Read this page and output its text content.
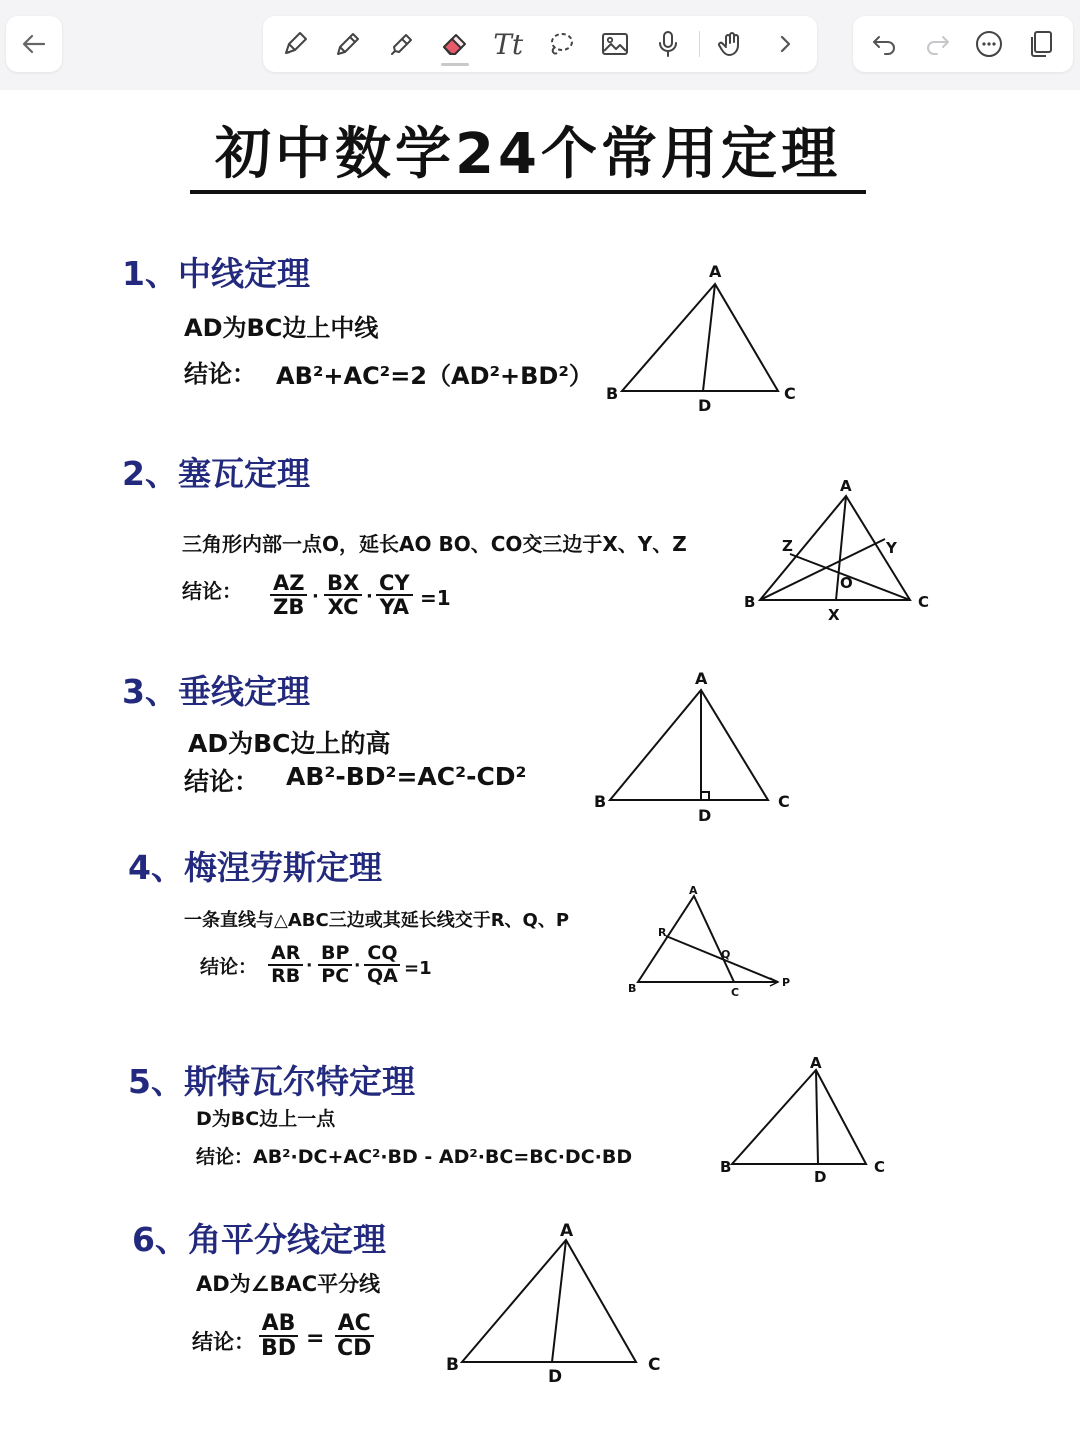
Tt
初中数学24个常用定理
1、中线定理
AD为BC边上中线
结论： AB²+AC²=2（AD²+BD²）
A
B	C
D
2、塞瓦定理
三角形内部一点O，延长AO BO、CO交三边于X、Y、Z
结论： $\frac{AZ}{ZB} \cdot \frac{BX}{XC} \cdot \frac{CY}{YA} =1$
A
B	C
X
Y
Z
O
3、垂线定理
AD为BC边上的高
结论： AB²-BD²=AC²-CD²
A
B	C
D
4、梅涅劳斯定理
一条直线与△ABC三边或其延长线交于R、Q、P
结论： $\frac{AR}{RB} \cdot \frac{BP}{PC} \cdot \frac{CQ}{QA} =1$
A
B	C
R
Q
P
5、斯特瓦尔特定理
D为BC边上一点
结论：AB²·DC+AC²·BD - AD²·BC=BC·DC·BD
A
B	C
D
6、角平分线定理
AD为∠BAC平分线
结论： $\frac{AB}{BD} = \frac{AC}{CD}$
A
B	C
D
